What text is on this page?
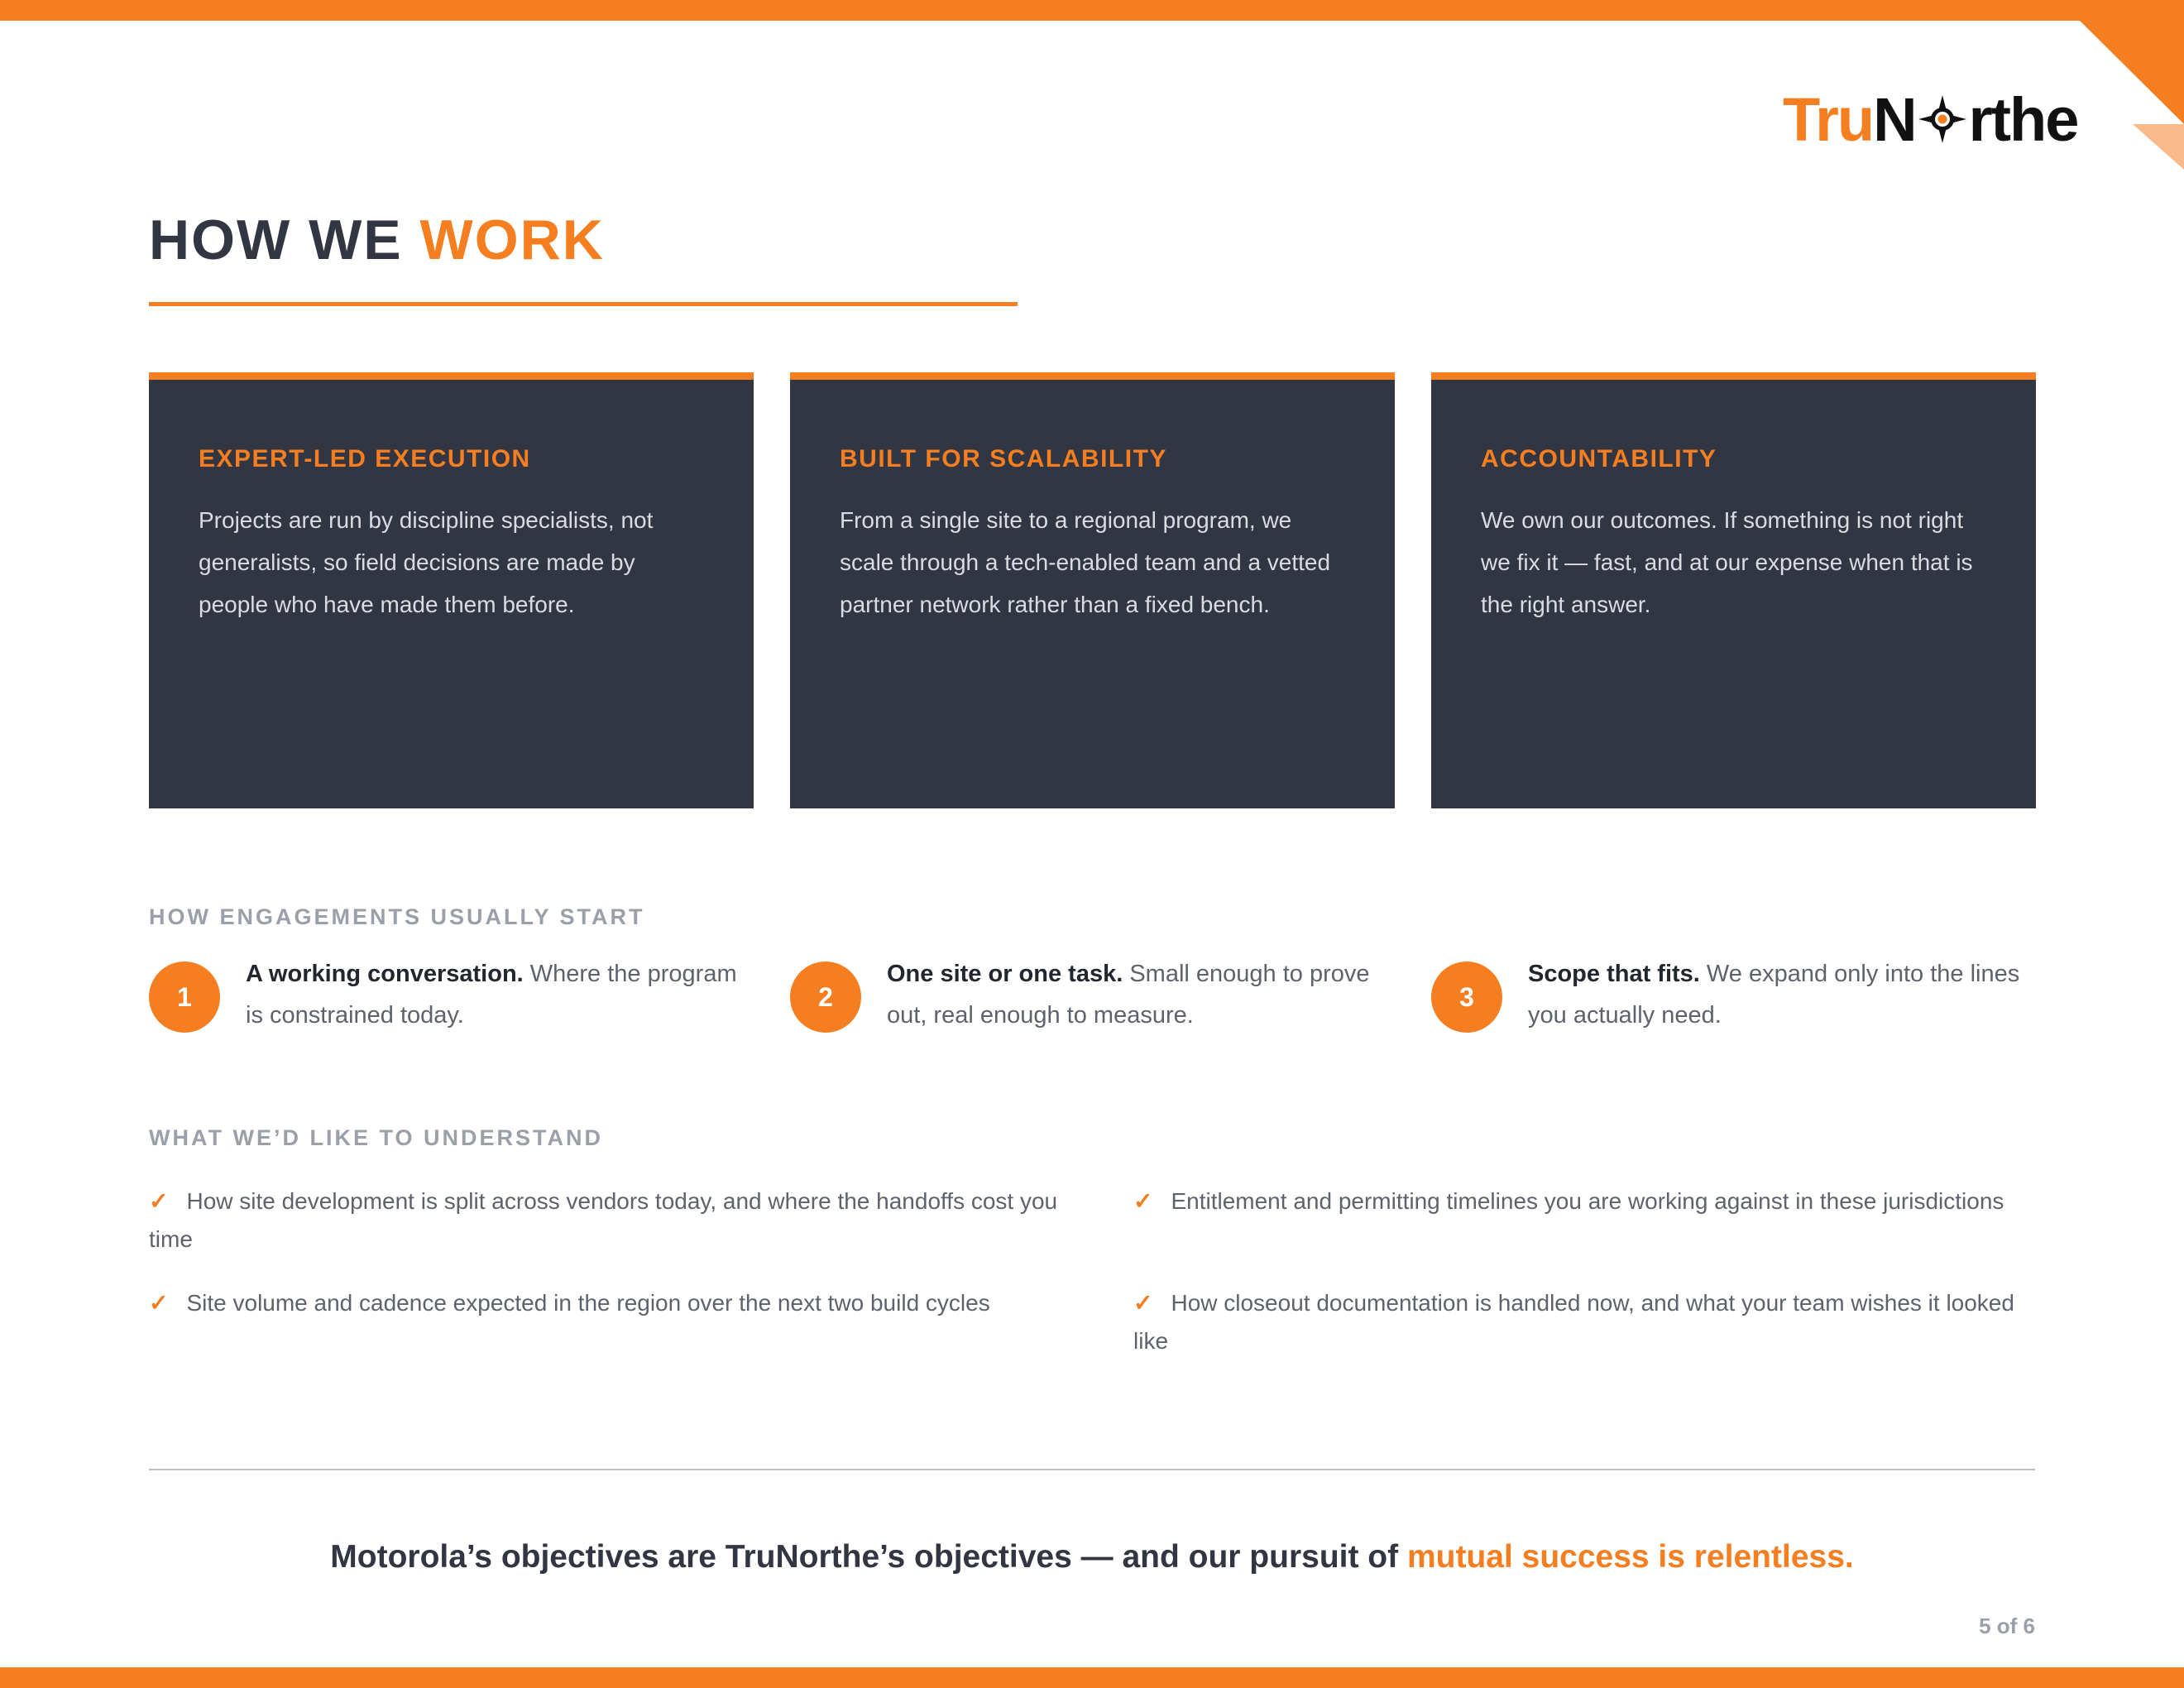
Tru N rthe
HOW WE WORK
EXPERT-LED EXECUTION

Projects are run by discipline specialists, not generalists, so field decisions are made by people who have made them before.

BUILT FOR SCALABILITY

From a single site to a regional program, we scale through a tech-enabled team and a vetted partner network rather than a fixed bench.

ACCOUNTABILITY

We own our outcomes. If something is not right we fix it — fast, and at our expense when that is the right answer.

HOW ENGAGEMENTS USUALLY START
1
A working conversation. Where the program is constrained today.
2
One site or one task. Small enough to prove out, real enough to measure.
3
Scope that fits. We expand only into the lines you actually need.
WHAT WE’D LIKE TO UNDERSTAND
✓ How site development is split across vendors today, and where the handoffs cost you time
✓ Entitlement and permitting timelines you are working against in these jurisdictions
✓ Site volume and cadence expected in the region over the next two build cycles	✓ How closeout documentation is handled now, and what your team wishes it looked like

Motorola’s objectives are TruNorthe’s objectives — and our pursuit of mutual success is relentless.

5 of 6
